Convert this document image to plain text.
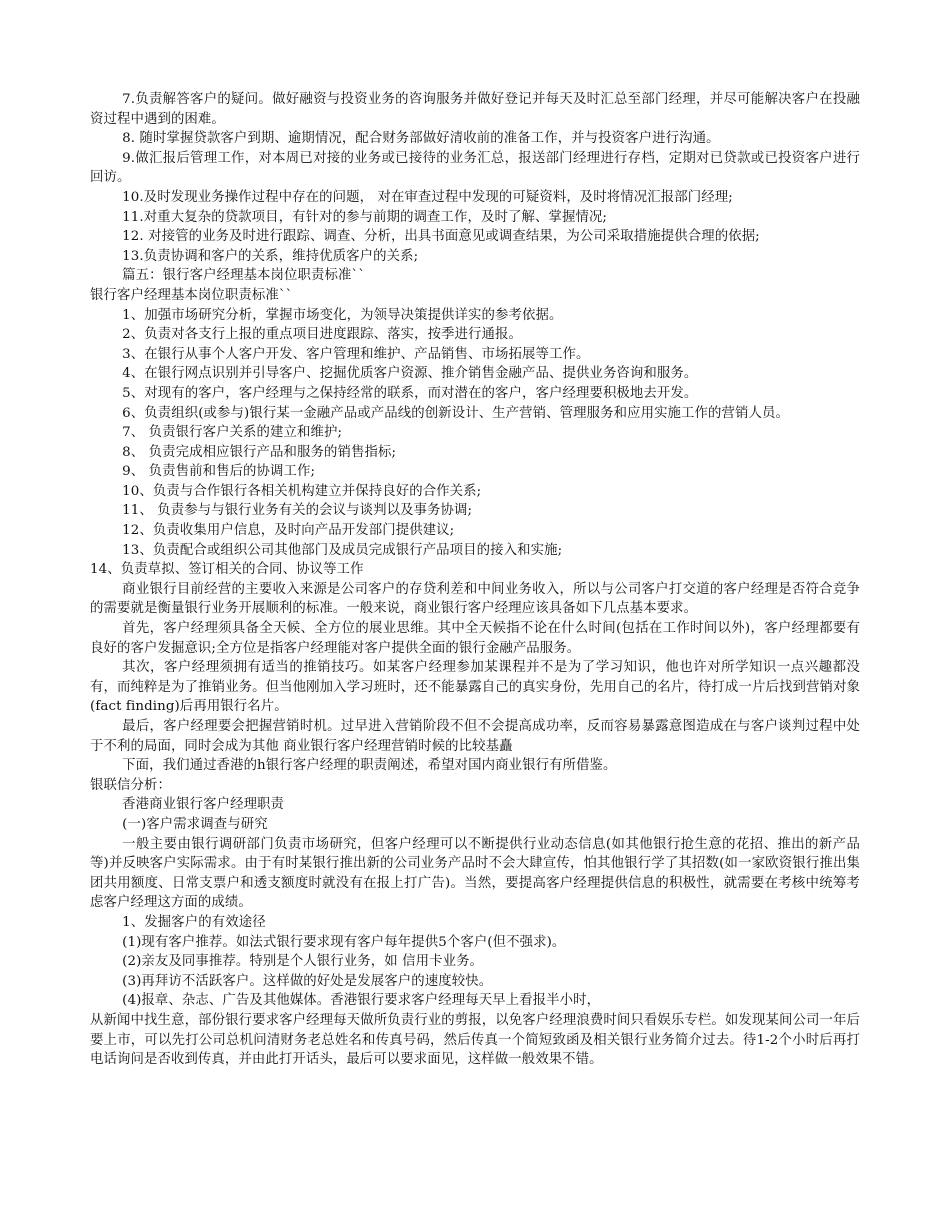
7.负责解答客户的疑问。做好融资与投资业务的咨询服务并做好登记并每天及时汇总至部门经理，并尽可能解决客户在投融资过程中遇到的困难。

8. 随时掌握贷款客户到期、逾期情况，配合财务部做好清收前的准备工作，并与投资客户进行沟通。

9.做汇报后管理工作，对本周已对接的业务或已接待的业务汇总，报送部门经理进行存档，定期对已贷款或已投资客户进行回访。

10.及时发现业务操作过程中存在的问题， 对在审查过程中发现的可疑资料，及时将情况汇报部门经理;

11.对重大复杂的贷款项目，有针对的参与前期的调查工作，及时了解、掌握情况;

12. 对接管的业务及时进行跟踪、调查、分析，出具书面意见或调查结果，为公司采取措施提供合理的依据;

13.负责协调和客户的关系，维持优质客户的关系;

篇五：银行客户经理基本岗位职责标准``

银行客户经理基本岗位职责标准``

1、加强市场研究分析，掌握市场变化，为领导决策提供详实的参考依据。

2、负责对各支行上报的重点项目进度跟踪、落实，按季进行通报。

3、在银行从事个人客户开发、客户管理和维护、产品销售、市场拓展等工作。

4、在银行网点识别并引导客户、挖掘优质客户资源、推介销售金融产品、提供业务咨询和服务。

5、对现有的客户，客户经理与之保持经常的联系，而对潜在的客户，客户经理要积极地去开发。

6、负责组织(或参与)银行某一金融产品或产品线的创新设计、生产营销、管理服务和应用实施工作的营销人员。

7、 负责银行客户关系的建立和维护;

8、 负责完成相应银行产品和服务的销售指标;

9、 负责售前和售后的协调工作;

10、负责与合作银行各相关机构建立并保持良好的合作关系;

11、 负责参与与银行业务有关的会议与谈判以及事务协调;

12、负责收集用户信息，及时向产品开发部门提供建议;

13、负责配合或组织公司其他部门及成员完成银行产品项目的接入和实施;

14、负责草拟、签订相关的合同、协议等工作

商业银行目前经营的主要收入来源是公司客户的存贷利差和中间业务收入，所以与公司客户打交道的客户经理是否符合竞争的需要就是衡量银行业务开展顺利的标准。一般来说，商业银行客户经理应该具备如下几点基本要求。

首先，客户经理须具备全天候、全方位的展业思维。其中全天候指不论在什么时间(包括在工作时间以外)，客户经理都要有良好的客户发掘意识;全方位是指客户经理能对客户提供全面的银行金融产品服务。

其次，客户经理须拥有适当的推销技巧。如某客户经理参加某课程并不是为了学习知识，他也许对所学知识一点兴趣都没有，而纯粹是为了推销业务。但当他刚加入学习班时，还不能暴露自己的真实身份，先用自己的名片，待打成一片后找到营销对象(fact finding)后再用银行名片。

最后，客户经理要会把握营销时机。过早进入营销阶段不但不会提高成功率，反而容易暴露意图造成在与客户谈判过程中处于不利的局面，同时会成为其他 商业银行客户经理营销时候的比较基矗

下面，我们通过香港的h银行客户经理的职责阐述，希望对国内商业银行有所借鉴。

银联信分析：

香港商业银行客户经理职责

(一)客户需求调查与研究

一般主要由银行调研部门负责市场研究，但客户经理可以不断提供行业动态信息(如其他银行抢生意的花招、推出的新产品等)并反映客户实际需求。由于有时某银行推出新的公司业务产品时不会大肆宣传，怕其他银行学了其招数(如一家欧资银行推出集团共用额度、日常支票户和透支额度时就没有在报上打广告)。当然，要提高客户经理提供信息的积极性，就需要在考核中统筹考虑客户经理这方面的成绩。

1、发掘客户的有效途径

(1)现有客户推荐。如法式银行要求现有客户每年提供5个客户(但不强求)。

(2)亲友及同事推荐。特别是个人银行业务，如 信用卡业务。

(3)再拜访不活跃客户。这样做的好处是发展客户的速度较快。

(4)报章、杂志、广告及其他媒体。香港银行要求客户经理每天早上看报半小时，

从新闻中找生意，部份银行要求客户经理每天做所负责行业的剪报，以免客户经理浪费时间只看娱乐专栏。如发现某间公司一年后要上市，可以先打公司总机问清财务老总姓名和传真号码，然后传真一个简短致函及相关银行业务简介过去。待1-2个小时后再打电话询问是否收到传真，并由此打开话头，最后可以要求面见，这样做一般效果不错。
